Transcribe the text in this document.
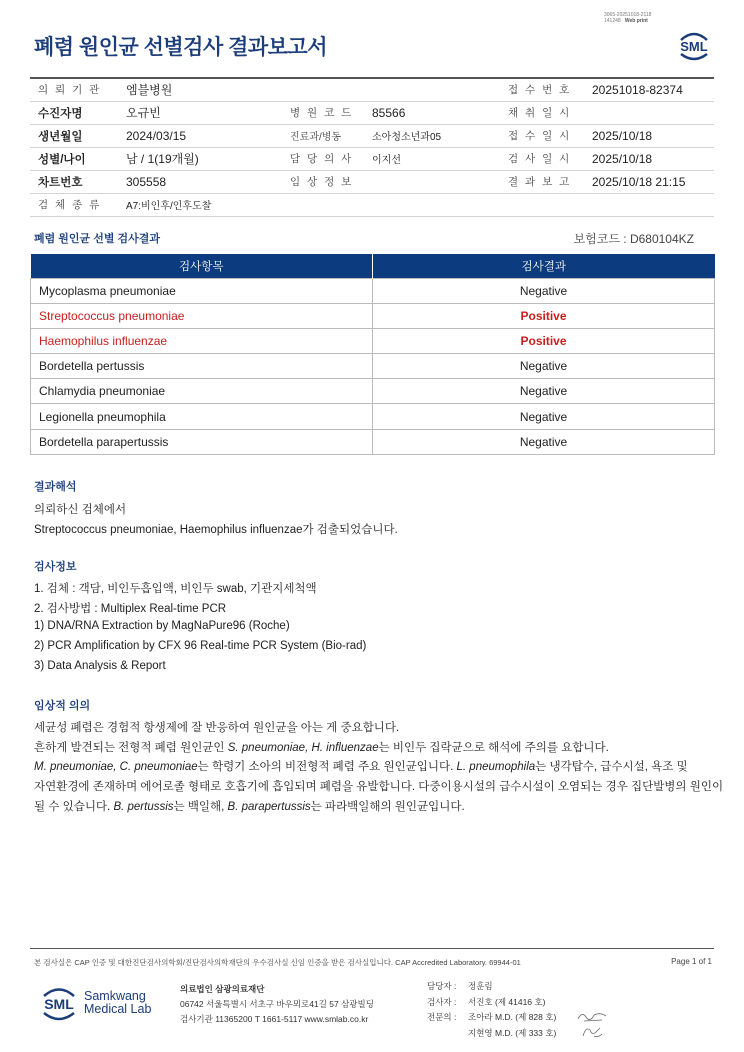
3065-20251018-2118
141248 Web print
폐렴 원인균 선별검사 결과보고서	SML
의 뢰 기 관	엠블병원			접 수 번 호	20251018-82374
수진자명	오규빈	병 원 코 드	85566	채 취 일 시	
생년월일	2024/03/15	진료과/병동	소아청소년과05	접 수 일 시	2025/10/18
성별/나이	남 / 1(19개월)	담 당 의 사	이지선	검 사 일 시	2025/10/18
차트번호	305558	임 상 정 보		결 과 보 고	2025/10/18 21:15
검 체 종 류	A7:비인후/인후도찰				
폐렴 원인균 선별 검사결과	보험코드 : D680104KZ
검사항목	검사결과
Mycoplasma pneumoniae	Negative
Streptococcus pneumoniae	Positive
Haemophilus influenzae	Positive
Bordetella pertussis	Negative
Chlamydia pneumoniae	Negative
Legionella pneumophila	Negative
Bordetella parapertussis	Negative
결과해석
의뢰하신 검체에서
Streptococcus pneumoniae, Haemophilus influenzae가 검출되었습니다.
검사정보
1. 검체 : 객담, 비인두흡입액, 비인두 swab, 기관지세척액
2. 검사방법 : Multiplex Real-time PCR
1) DNA/RNA Extraction by MagNaPure96 (Roche)
2) PCR Amplification by CFX 96 Real-time PCR System (Bio-rad)
3) Data Analysis & Report
임상적 의의
세균성 폐렴은 경험적 항생제에 잘 반응하여 원인균을 아는 게 중요합니다.
흔하게 발견되는 전형적 폐렴 원인균인 S. pneumoniae, H. influenzae는 비인두 집락균으로 해석에 주의를 요합니다.
M. pneumoniae, C. pneumoniae는 학령기 소아의 비전형적 폐렴 주요 원인균입니다. L. pneumophila는 냉각탑수, 급수시설, 욕조 및
자연환경에 존재하며 에어로졸 형태로 호흡기에 흡입되며 폐렴을 유발합니다. 다중이용시설의 급수시설이 오염되는 경우 집단발병의 원인이
될 수 있습니다. B. pertussis는 백일해, B. parapertussis는 파라백일해의 원인균입니다.
본 검사실은 CAP 인증 및 대한진단검사의학회/진단검사의학재단의 우수검사실 신임 인증을 받은 검사실입니다. CAP Accredited Laboratory. 69944-01	Page 1 of 1
SML Samkwang
Medical Lab
의료법인 삼광의료재단
06742 서울특별시 서초구 바우뫼로41길 57 삼광빌딩
검사기관 11365200 T 1661-5117 www.smlab.co.kr
담당자 :	정훈림
검사자 :	서진호 (제 41416 호)
전문의 :	조아라 M.D. (제 828 호)
지현영 M.D. (제 333 호)
